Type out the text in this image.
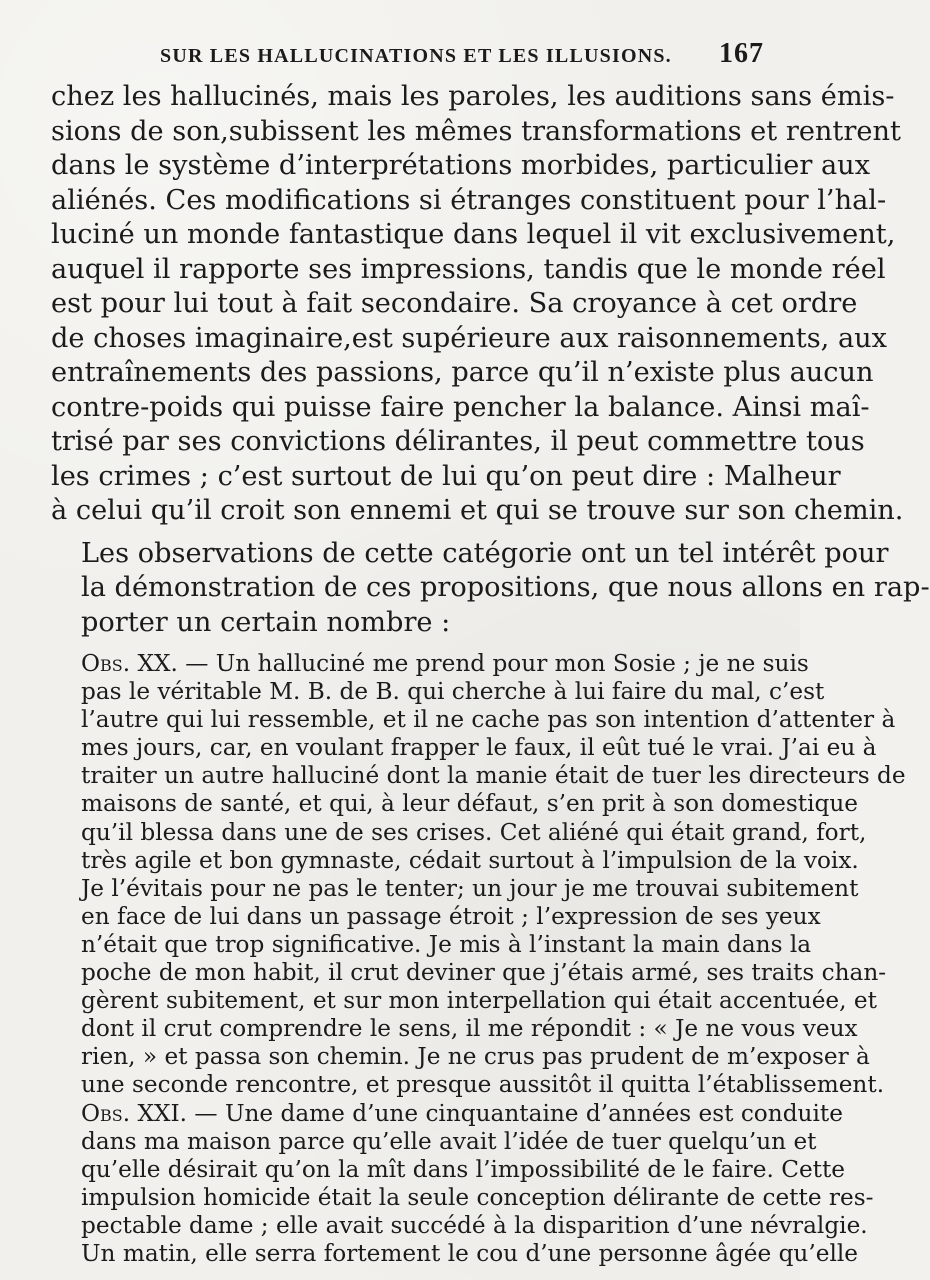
SUR LES HALLUCINATIONS ET LES ILLUSIONS. 167

chez les hallucinés, mais les paroles, les auditions sans émis-
sions de son,subissent les mêmes transformations et rentrent
dans le système d’interprétations morbides, particulier aux
aliénés. Ces modifications si étranges constituent pour l’hal-
luciné un monde fantastique dans lequel il vit exclusivement,
auquel il rapporte ses impressions, tandis que le monde réel
est pour lui tout à fait secondaire. Sa croyance à cet ordre
de choses imaginaire,est supérieure aux raisonnements, aux
entraînements des passions, parce qu’il n’existe plus aucun
contre-poids qui puisse faire pencher la balance. Ainsi maî-
trisé par ses convictions délirantes, il peut commettre tous
les crimes ; c’est surtout de lui qu’on peut dire : Malheur
à celui qu’il croit son ennemi et qui se trouve sur son chemin.

Les observations de cette catégorie ont un tel intérêt pour
la démonstration de ces propositions, que nous allons en rap-
porter un certain nombre :

Obs. XX. — Un halluciné me prend pour mon Sosie ; je ne suis
pas le véritable M. B. de B. qui cherche à lui faire du mal, c’est
l’autre qui lui ressemble, et il ne cache pas son intention d’attenter à
mes jours, car, en voulant frapper le faux, il eût tué le vrai. J’ai eu à
traiter un autre halluciné dont la manie était de tuer les directeurs de
maisons de santé, et qui, à leur défaut, s’en prit à son domestique
qu’il blessa dans une de ses crises. Cet aliéné qui était grand, fort,
très agile et bon gymnaste, cédait surtout à l’impulsion de la voix.
Je l’évitais pour ne pas le tenter; un jour je me trouvai subitement
en face de lui dans un passage étroit ; l’expression de ses yeux
n’était que trop significative. Je mis à l’instant la main dans la
poche de mon habit, il crut deviner que j’étais armé, ses traits chan-
gèrent subitement, et sur mon interpellation qui était accentuée, et
dont il crut comprendre le sens, il me répondit : « Je ne vous veux
rien, » et passa son chemin. Je ne crus pas prudent de m’exposer à
une seconde rencontre, et presque aussitôt il quitta l’établissement.
Obs. XXI. — Une dame d’une cinquantaine d’années est conduite
dans ma maison parce qu’elle avait l’idée de tuer quelqu’un et
qu’elle désirait qu’on la mît dans l’impossibilité de le faire. Cette
impulsion homicide était la seule conception délirante de cette res-
pectable dame ; elle avait succédé à la disparition d’une névralgie.
Un matin, elle serra fortement le cou d’une personne âgée qu’elle
